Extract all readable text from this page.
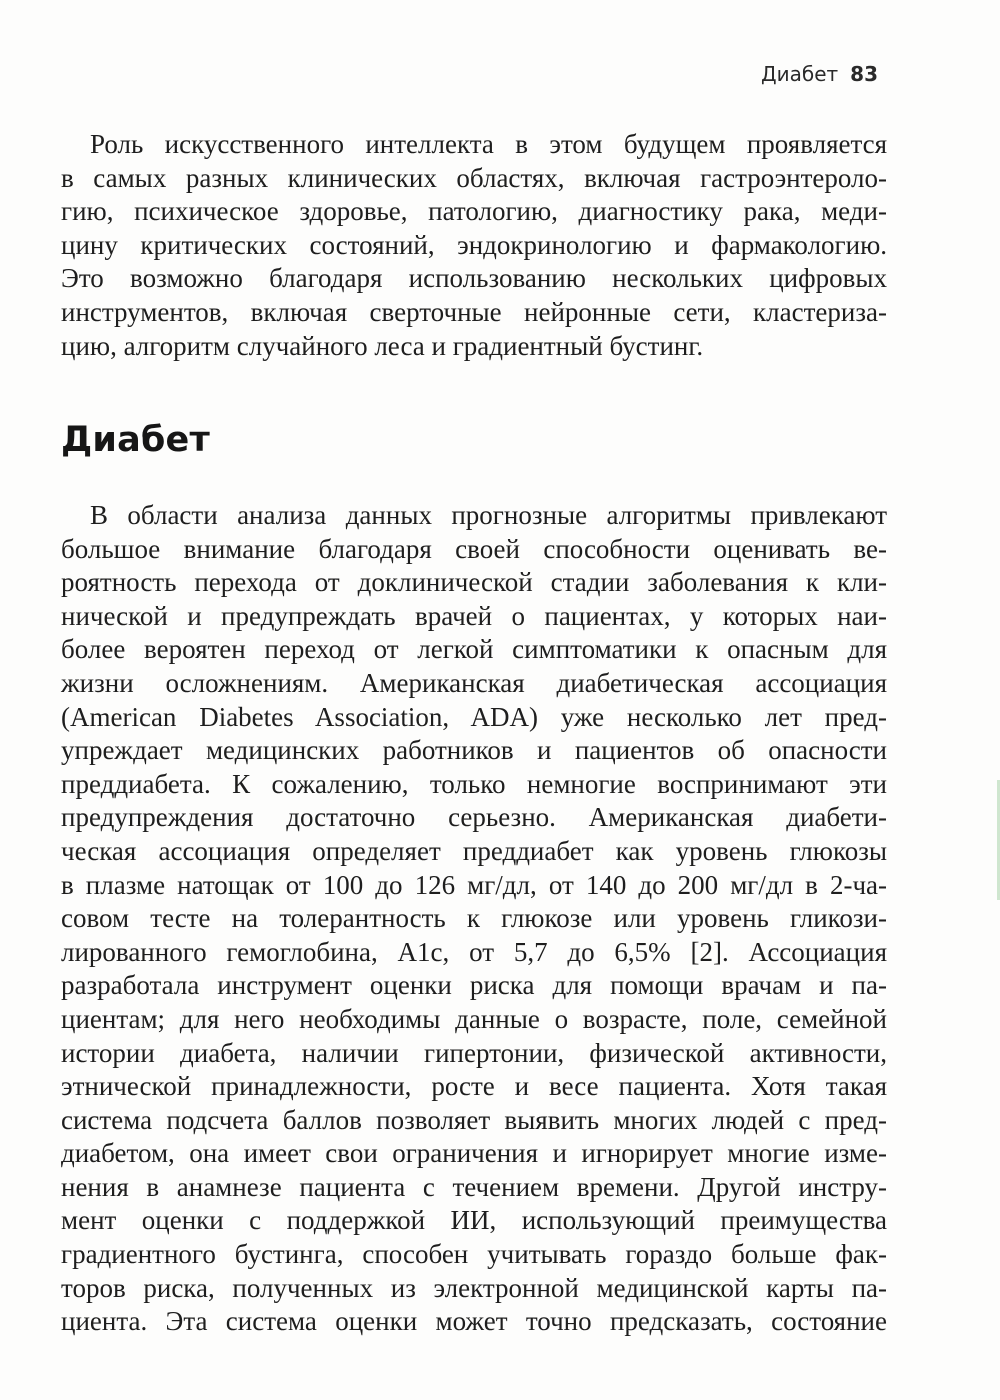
Диабет 83
Роль искусственного интеллекта в этом будущем проявляется
в самых разных клинических областях, включая гастроэнтероло-
гию, психическое здоровье, патологию, диагностику рака, меди-
цину критических состояний, эндокринологию и фармакологию.
Это возможно благодаря использованию нескольких цифровых
инструментов, включая сверточные нейронные сети, кластериза-
цию, алгоритм случайного леса и градиентный бустинг.
Диабет
В области анализа данных прогнозные алгоритмы привлекают
большое внимание благодаря своей способности оценивать ве-
роятность перехода от доклинической стадии заболевания к кли-
нической и предупреждать врачей о пациентах, у которых наи-
более вероятен переход от легкой симптоматики к опасным для
жизни осложнениям. Американская диабетическая ассоциация
(American Diabetes Association, ADA) уже несколько лет пред-
упреждает медицинских работников и пациентов об опасности
преддиабета. К сожалению, только немногие воспринимают эти
предупреждения достаточно серьезно. Американская диабети-
ческая ассоциация определяет преддиабет как уровень глюкозы
в плазме натощак от 100 до 126 мг/дл, от 140 до 200 мг/дл в 2-ча-
совом тесте на толерантность к глюкозе или уровень гликози-
лированного гемоглобина, A1c, от 5,7 до 6,5% [2]. Ассоциация
разработала инструмент оценки риска для помощи врачам и па-
циентам; для него необходимы данные о возрасте, поле, семейной
истории диабета, наличии гипертонии, физической активности,
этнической принадлежности, росте и весе пациента. Хотя такая
система подсчета баллов позволяет выявить многих людей с пред-
диабетом, она имеет свои ограничения и игнорирует многие изме-
нения в анамнезе пациента с течением времени. Другой инстру-
мент оценки с поддержкой ИИ, использующий преимущества
градиентного бустинга, способен учитывать гораздо больше фак-
торов риска, полученных из электронной медицинской карты па-
циента. Эта система оценки может точно предсказать, состояние
